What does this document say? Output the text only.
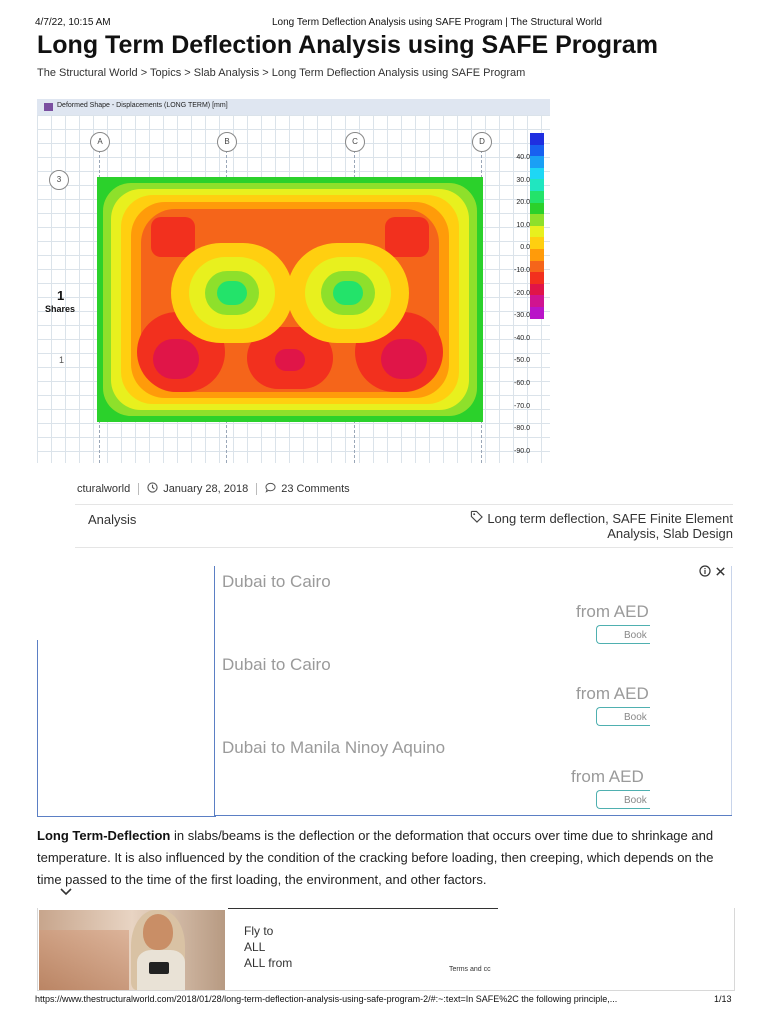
4/7/22, 10:15 AM	Long Term Deflection Analysis using SAFE Program | The Structural World
Long Term Deflection Analysis using SAFE Program
The Structural World > Topics > Slab Analysis > Long Term Deflection Analysis using SAFE Program
Deformed Shape - Displacements (LONG TERM) [mm]
A	B	C	D
3
40.0
30.0
20.0
10.0
0.0
-10.0
-20.0
-30.0
-40.0
-50.0
-60.0
-70.0
-80.0
-90.0
1
Shares
1
cturalworld	January 28, 2018	23 Comments
Analysis	Long term deflection, SAFE Finite Element
Analysis, Slab Design

Dubai to Cairo
from AED
Book
Dubai to Cairo
from AED
Book
Dubai to Manila Ninoy Aquino
from AED
Book
Long Term-Deflection in slabs/beams is the deflection or the deformation that occurs over time due to shrinkage and temperature. It is also influenced by the condition of the cracking before loading, then creeping, which depends on the time passed to the time of the first loading, the environment, and other factors.
Fly to
ALL
ALL from	Terms and cc
https://www.thestructuralworld.com/2018/01/28/long-term-deflection-analysis-using-safe-program-2/#:~:text=In SAFE%2C the following principle,...	1/13
